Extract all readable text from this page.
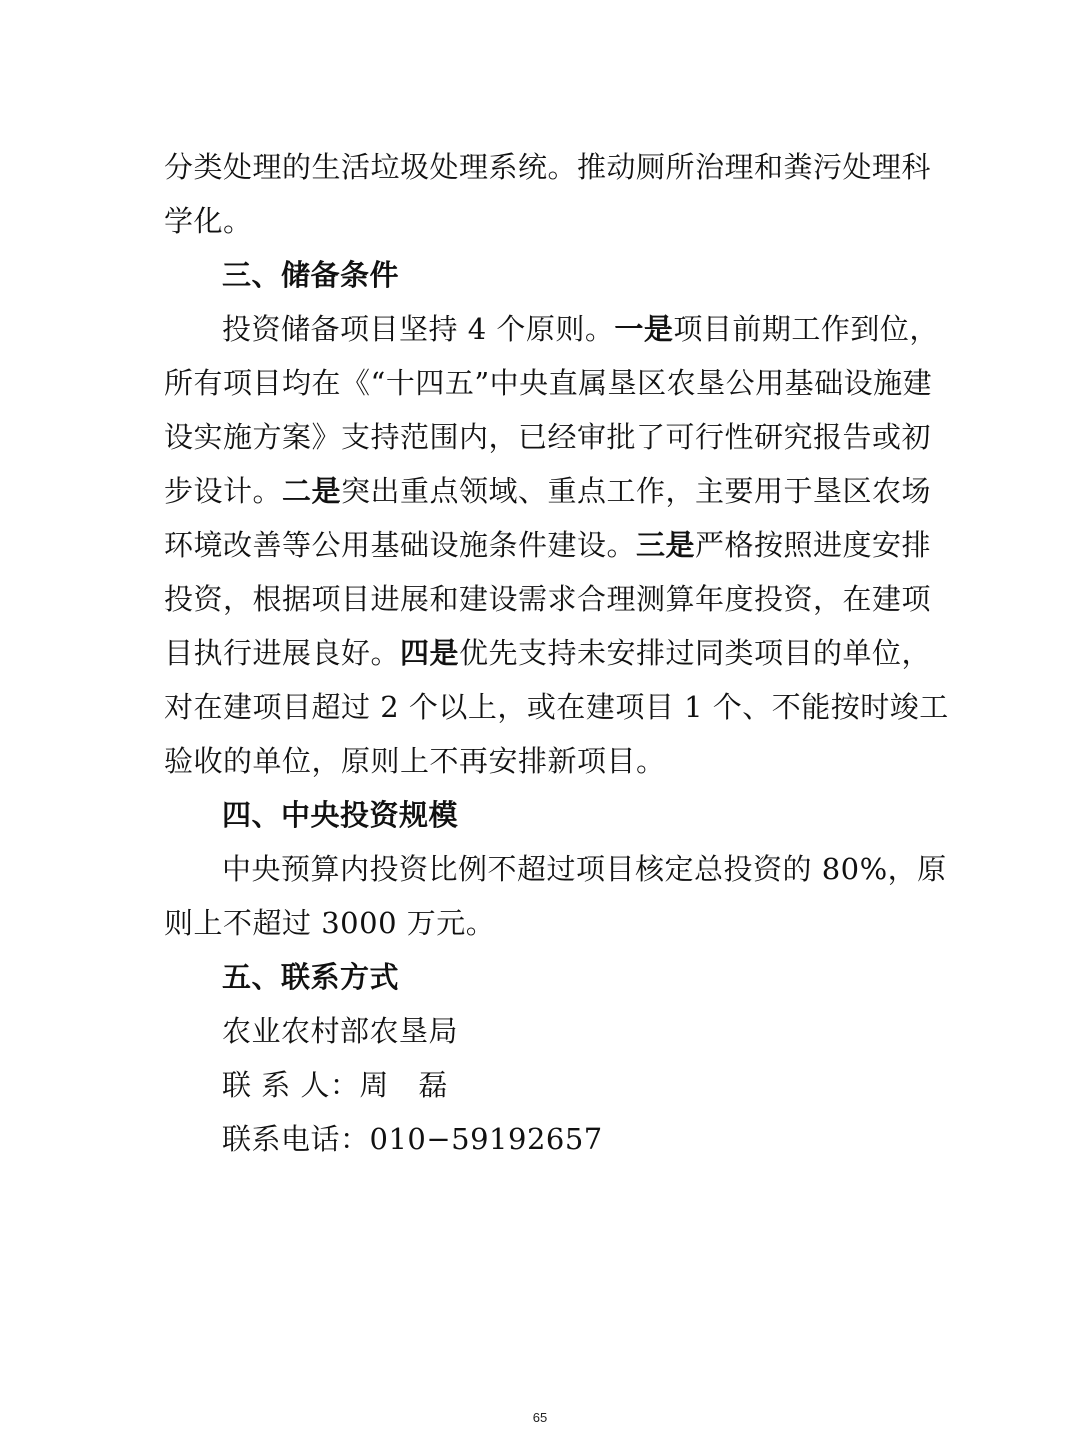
分类处理的生活垃圾处理系统。推动厕所治理和粪污处理科
学化。
三、储备条件
投资储备项目坚持 4 个原则。一是项目前期工作到位，
所有项目均在《“十四五”中央直属垦区农垦公用基础设施建
设实施方案》支持范围内，已经审批了可行性研究报告或初
步设计。二是突出重点领域、重点工作，主要用于垦区农场
环境改善等公用基础设施条件建设。三是严格按照进度安排
投资，根据项目进展和建设需求合理测算年度投资，在建项
目执行进展良好。四是优先支持未安排过同类项目的单位，
对在建项目超过 2 个以上，或在建项目 1 个、不能按时竣工
验收的单位，原则上不再安排新项目。
四、中央投资规模
中央预算内投资比例不超过项目核定总投资的 80%，原
则上不超过 3000 万元。
五、联系方式
农业农村部农垦局
联 系 人：周　磊
联系电话：010−59192657
65
